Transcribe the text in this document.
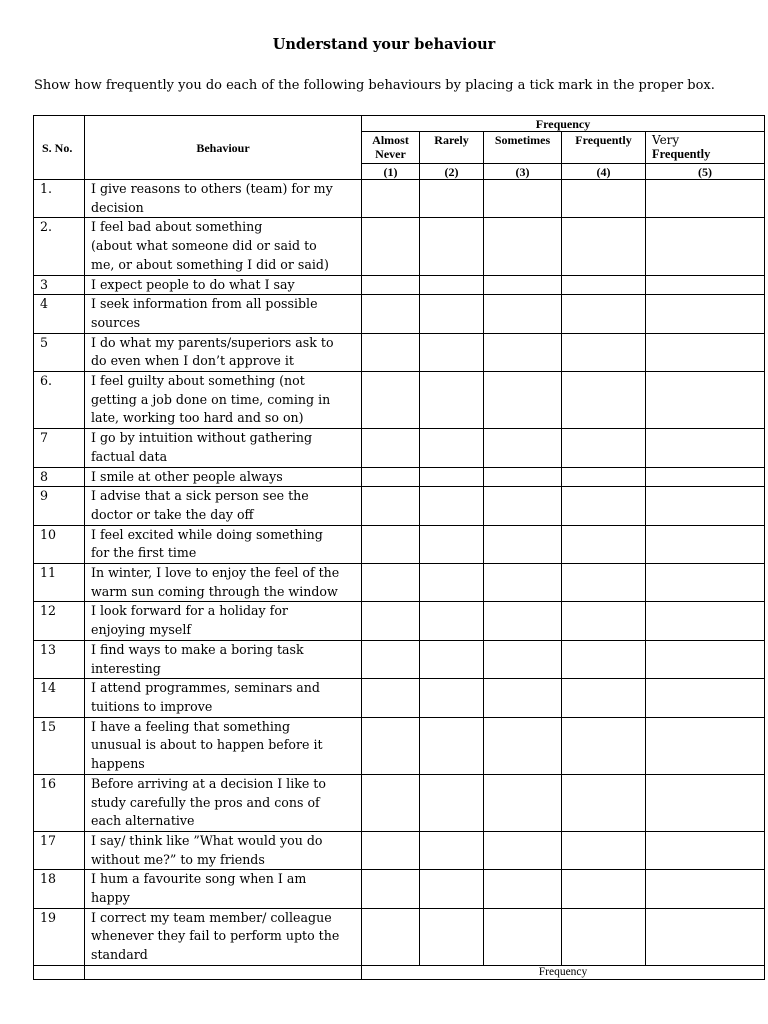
Understand your behaviour
Show how frequently you do each of the following behaviours by placing a tick mark in the proper box.
S. No.	Behaviour	Frequency				
		Almost Never	Rarely	Sometimes	Frequently	Very
Frequently
		(1)	(2)	(3)	(4)	(5)
1.	I give reasons to others (team) for my
decision					

2.	I feel bad about something
(about what someone did or said to
me, or about something I did or said)					

3	I expect people to do what I say					

4	I seek information from all possible
sources					

5	I do what my parents/superiors ask to
do even when I don’t approve it					

6.	I feel guilty about something (not
getting a job done on time, coming in
late, working too hard and so on)					

7	I go by intuition without gathering
factual data					

8	I smile at other people always					

9	I advise that a sick person see the
doctor or take the day off					

10	I feel excited while doing something
for the first time					

11	In winter, I love to enjoy the feel of the
warm sun coming through the window					

12	I look forward for a holiday for
enjoying myself					

13	I find ways to make a boring task
interesting					

14	I attend programmes, seminars and
tuitions to improve					

15	I have a feeling that something
unusual is about to happen before it
happens					

16	Before arriving at a decision I like to
study carefully the pros and cons of
each alternative					

17	I say/ think like ”What would you do
without me?” to my friends					

18	I hum a favourite song when I am
happy					

19	I correct my team member/ colleague
whenever they fail to perform upto the
standard					

		Frequency				
